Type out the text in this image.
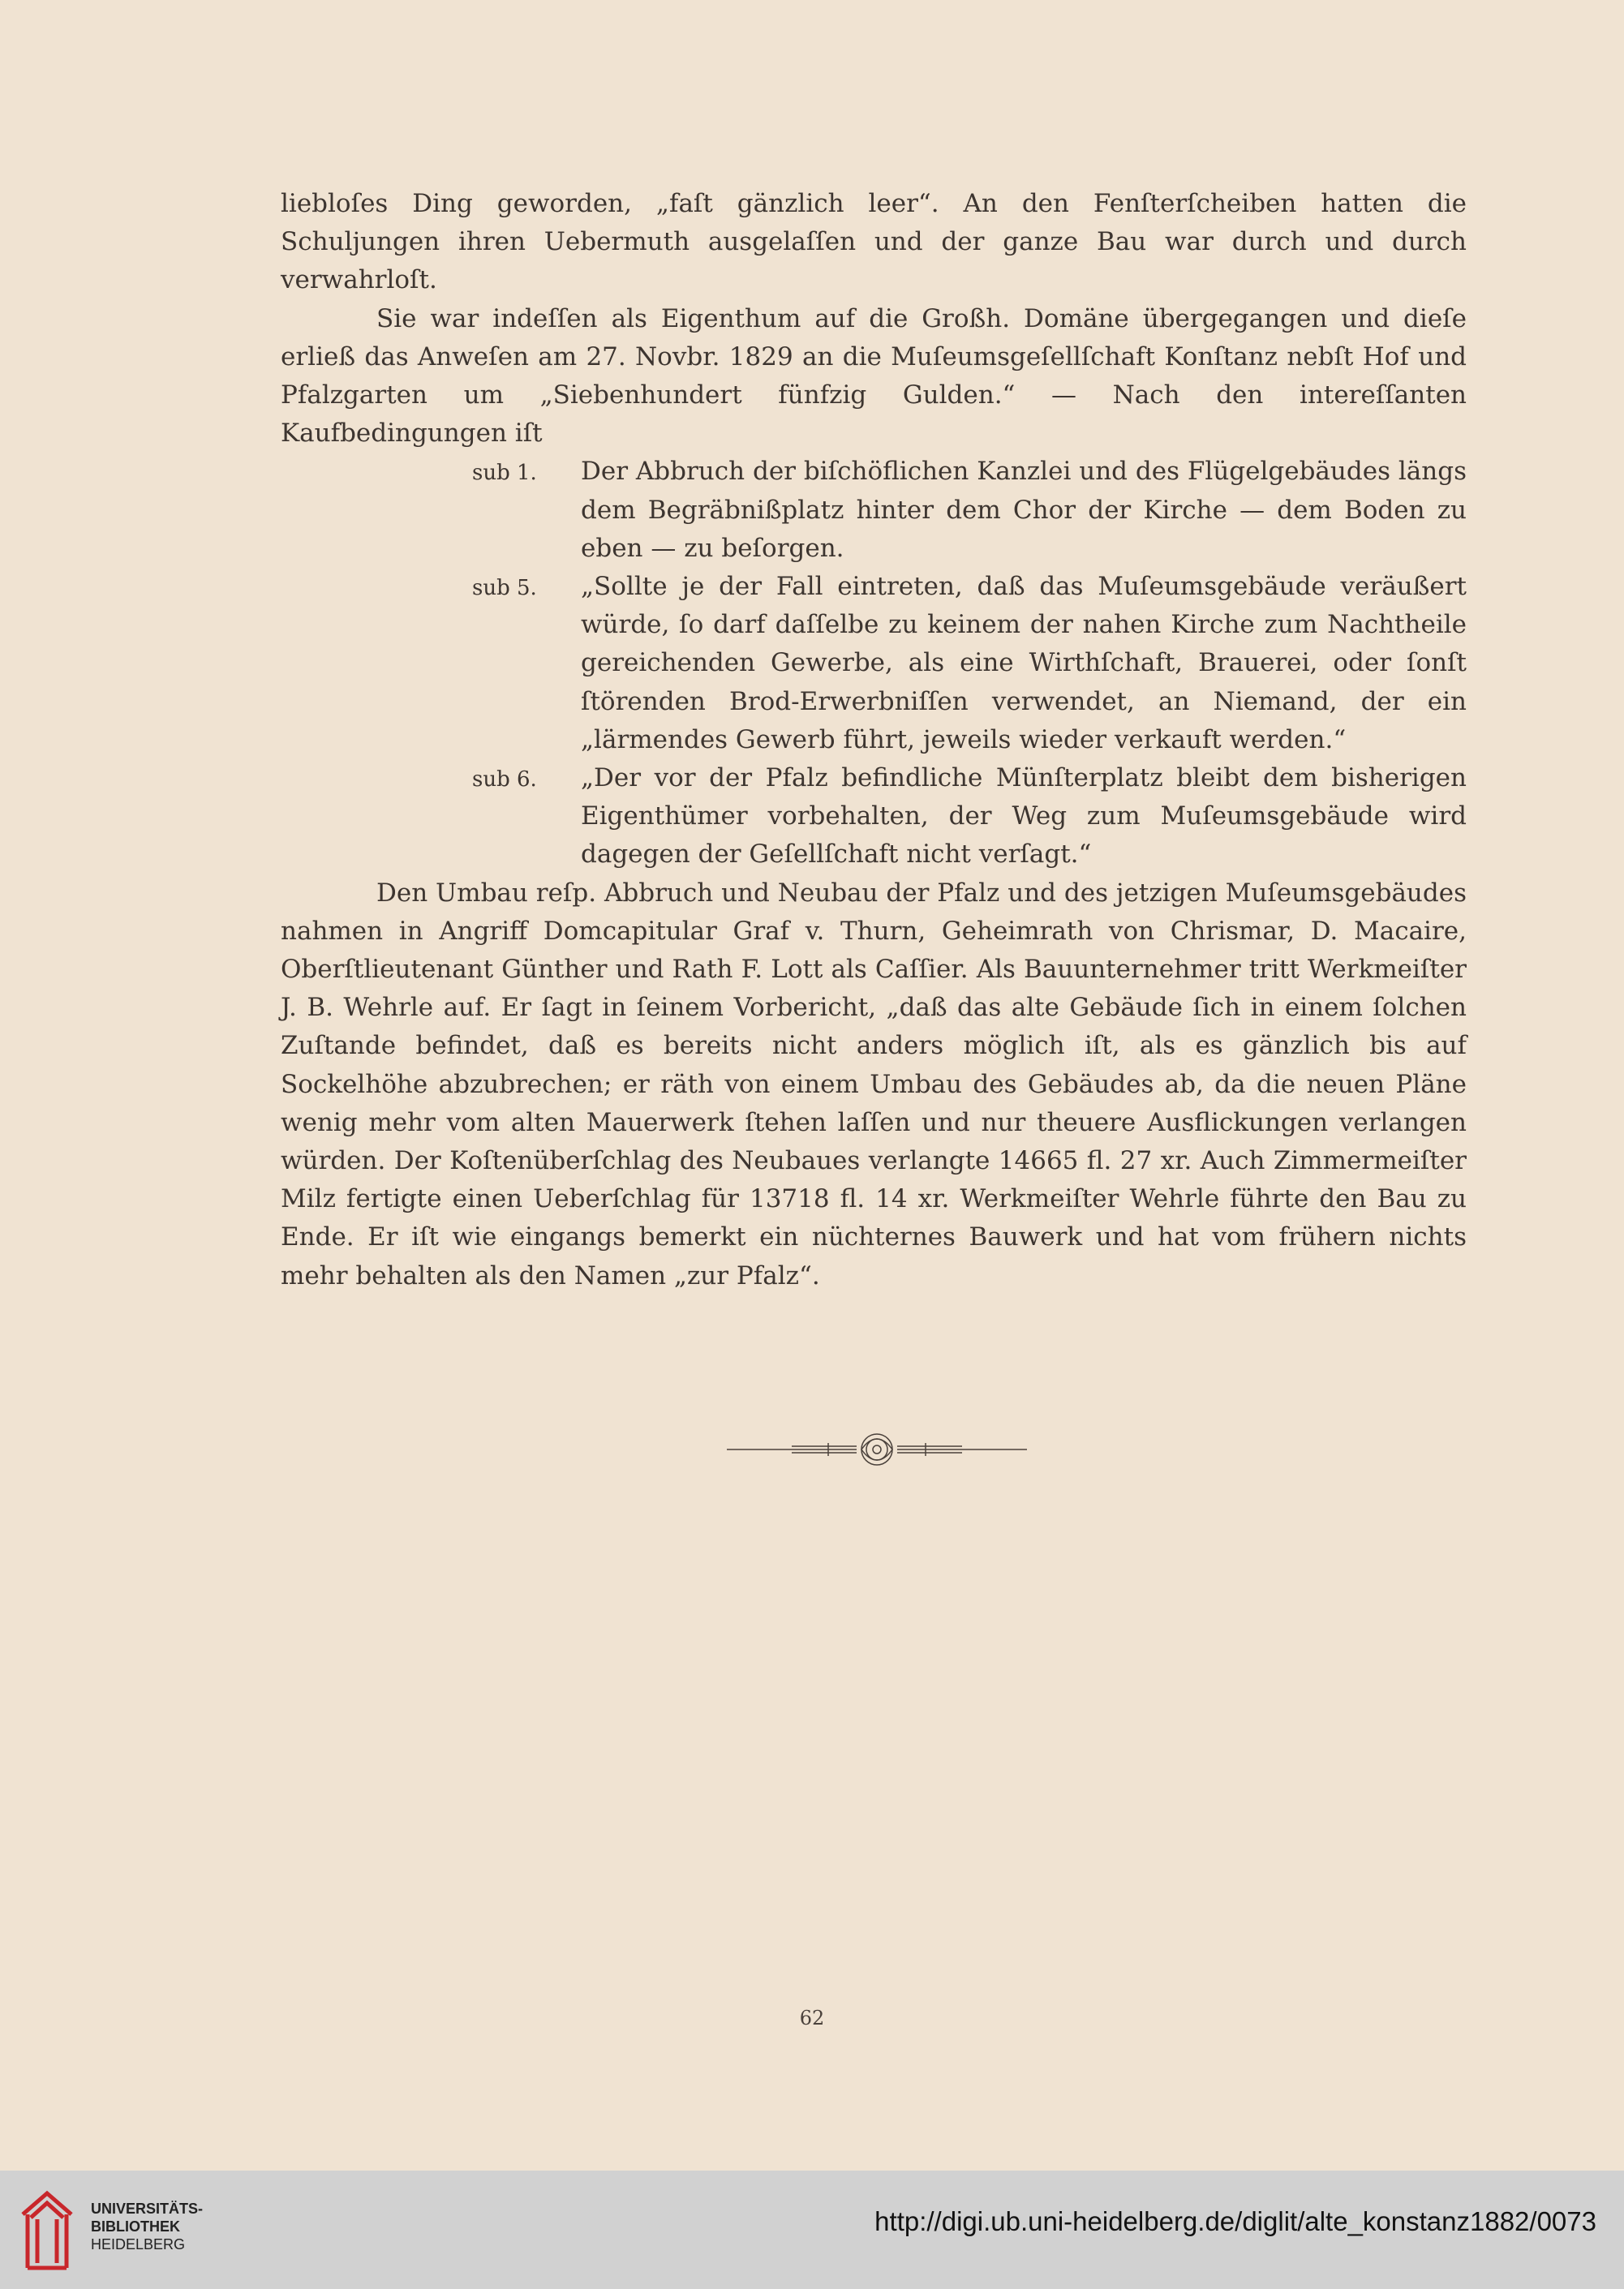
liebloſes Ding geworden, „faſt gänzlich leer“. An den Fenſterſcheiben hatten die Schuljungen ihren Uebermuth ausgelaſſen und der ganze Bau war durch und durch verwahrloſt.

Sie war indeſſen als Eigenthum auf die Großh. Domäne übergegangen und dieſe erließ das Anweſen am 27. Novbr. 1829 an die Muſeumsgeſellſchaft Konſtanz nebſt Hof und Pfalzgarten um „Siebenhundert fünfzig Gulden.“ — Nach den intereſſanten Kaufbedingungen iſt

sub 1.	Der Abbruch der biſchöflichen Kanzlei und des Flügelgebäudes längs dem Begräbnißplatz hinter dem Chor der Kirche — dem Boden zu eben — zu beſorgen.
sub 5.	„Sollte je der Fall eintreten, daß das Muſeumsgebäude veräußert würde, ſo darf daſſelbe zu keinem der nahen Kirche zum Nachtheile gereichenden Gewerbe, als eine Wirthſchaft, Brauerei, oder ſonſt ſtörenden Brod-Erwerbniſſen verwendet, an Niemand, der ein „lärmendes Gewerb führt, jeweils wieder verkauft werden.“
sub 6.	„Der vor der Pfalz befindliche Münſterplatz bleibt dem bisherigen Eigenthümer vorbehalten, der Weg zum Muſeumsgebäude wird dagegen der Geſellſchaft nicht verſagt.“

Den Umbau reſp. Abbruch und Neubau der Pfalz und des jetzigen Muſeumsgebäudes nahmen in Angriff Domcapitular Graf v. Thurn, Geheimrath von Chrismar, D. Macaire, Oberſtlieutenant Günther und Rath F. Lott als Caſſier. Als Bauunternehmer tritt Werkmeiſter J. B. Wehrle auf. Er ſagt in ſeinem Vorbericht, „daß das alte Gebäude ſich in einem ſolchen Zuſtande befindet, daß es bereits nicht anders möglich iſt, als es gänzlich bis auf Sockelhöhe abzubrechen; er räth von einem Umbau des Gebäudes ab, da die neuen Pläne wenig mehr vom alten Mauerwerk ſtehen laſſen und nur theuere Ausflickungen verlangen würden. Der Koſtenüberſchlag des Neubaues verlangte 14665 fl. 27 xr. Auch Zimmermeiſter Milz fertigte einen Ueberſchlag für 13718 fl. 14 xr. Werkmeiſter Wehrle führte den Bau zu Ende. Er iſt wie eingangs bemerkt ein nüchternes Bauwerk und hat vom frühern nichts mehr behalten als den Namen „zur Pfalz“.

62
UNIVERSITÄTS-
BIBLIOTHEK
HEIDELBERG
http://digi.ub.uni-heidelberg.de/diglit/alte_konstanz1882/0073
